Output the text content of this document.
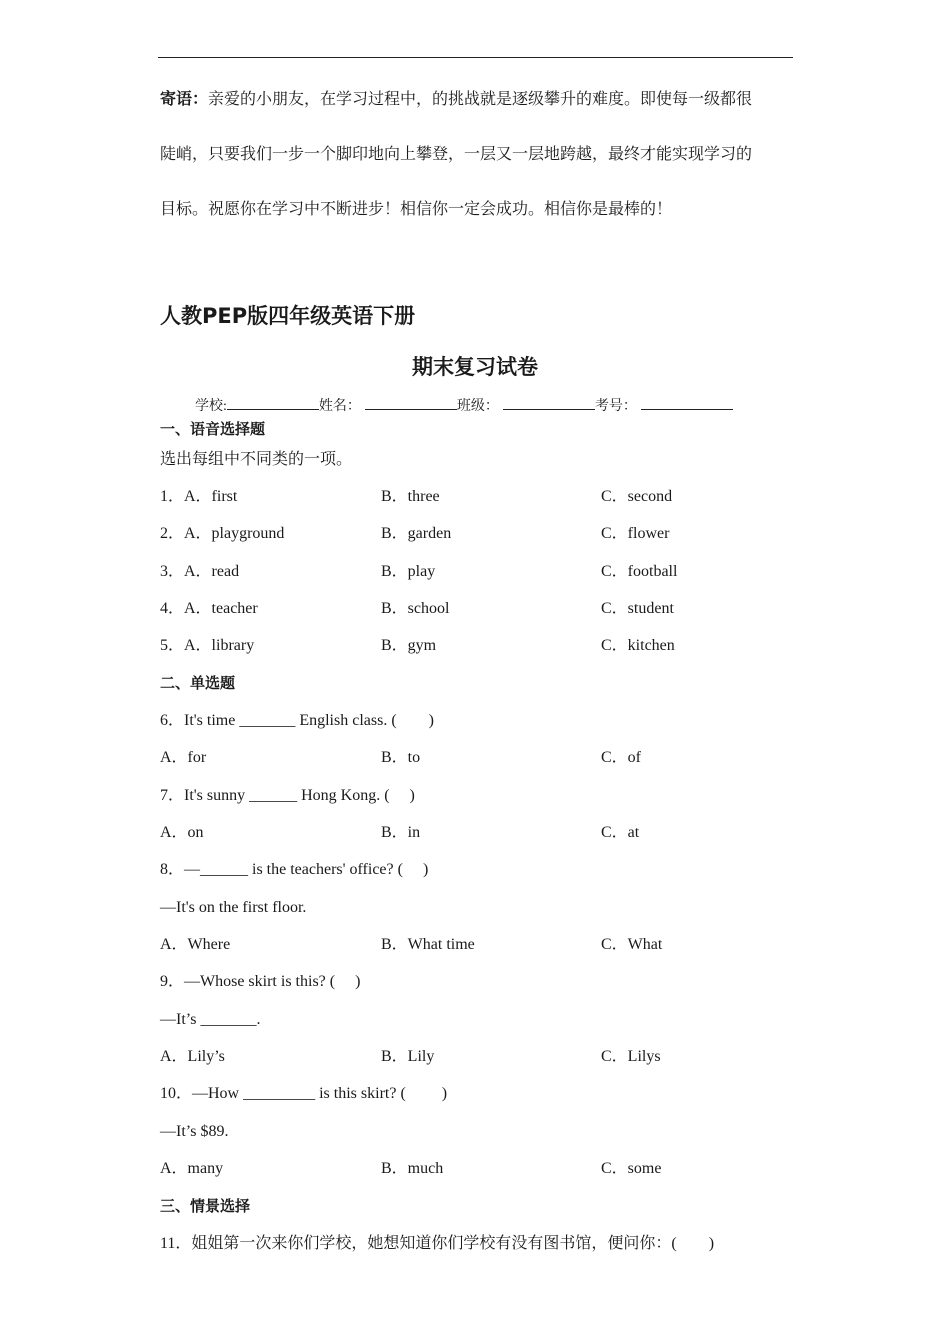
寄语：亲爱的小朋友，在学习过程中，的挑战就是逐级攀升的难度。即使每一级都很
陡峭，只要我们一步一个脚印地向上攀登，一层又一层地跨越，最终才能实现学习的
目标。祝愿你在学习中不断进步！相信你一定会成功。相信你是最棒的！
人教PEP版四年级英语下册
期末复习试卷
学校:	姓名：	班级：	考号：
一、语音选择题
选出每组中不同类的一项。
1．A．first	B．three	C．second
2．A．playground	B．garden	C．flower
3．A．read	B．play	C．football
4．A．teacher	B．school	C．student
5．A．library	B．gym	C．kitchen
二、单选题
6．It's time _______ English class. (　　)
A．for	B．to	C．of
7．It's sunny ______ Hong Kong. (　 )
A．on	B．in	C．at
8．—______ is the teachers' office? (　 )
—It's on the first floor.
A．Where	B．What time	C．What
9．—Whose skirt is this? (　 )
—It’s _______.
A．Lily’s	B．Lily	C．Lilys
10．—How _________ is this skirt? (　　 )
—It’s $89.
A．many	B．much	C．some
三、情景选择
11．姐姐第一次来你们学校，她想知道你们学校有没有图书馆，便问你：(　　)
